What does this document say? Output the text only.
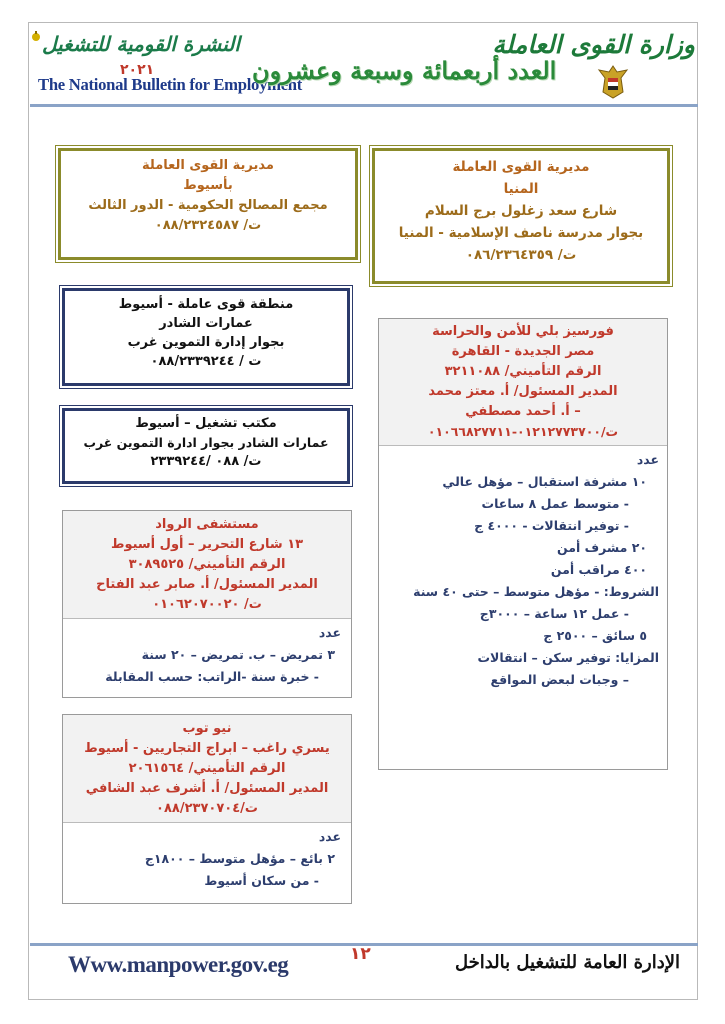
النشرة القومية للتشغيل
٢٠٢١
The National Bulletin for Employment
العدد أربعمائة وسبعة وعشرون
وزارة القوى العاملة
مديرية القوى العاملة
المنيا
شارع سعد زغلول برج السلام
بجوار مدرسة ناصف الإسلامية - المنيا
ت/ ٠٨٦/٢٣٦٤٣٥٩
مديرية القوى العاملة
بأسيوط
مجمع المصالح الحكومية - الدور الثالث
ت/ ٠٨٨/٢٣٢٤٥٨٧
منطقة قوى عاملة - أسيوط
عمارات الشادر
بجوار إدارة التموين غرب
ت / ٠٨٨/٢٣٣٩٢٤٤
مكتب تشغيل – أسيوط
عمارات الشادر بجوار ادارة التموين غرب
ت/ ٠٨٨ /٢٣٣٩٢٤٤
فورسيز بلي للأمن والحراسة
مصر الجديدة - القاهرة
الرقم التأميني/ ٣٢١١٠٨٨
المدير المسئول/ أ. معتز محمد
– أ. أحمد مصطفي
ت/٠١٢١٢٧٧٣٧٠٠-٠١٠٦٦٨٢٧٧١١
عدد
١٠ مشرفة استقبال – مؤهل عالي
- متوسط عمل ٨ ساعات
- توفير انتقالات - ٤٠٠٠ ج
٢٠ مشرف أمن
٤٠٠ مراقب أمن
الشروط: - مؤهل متوسط – حتى ٤٠ سنة
- عمل ١٢ ساعة – ٣٠٠٠ج
٥ سائق – ٢٥٠٠ ج
المزايا: توفير سكن – انتقالات
– وجبات لبعض المواقع
مستشفى الرواد
١٣ شارع التحرير – أول أسيوط
الرقم التأميني/ ٣٠٨٩٥٢٥
المدير المسئول/ أ. صابر عبد الفتاح
ت/ ٠١٠٦٢٠٧٠٠٢٠
عدد
٣ تمريض – ب. تمريض – ٢٠ سنة
- خبرة سنة -الراتب: حسب المقابلة
نيو توب
يسري راغب – ابراج التجاريين - أسيوط
الرقم التأميني/ ٢٠٦١٥٦٤
المدير المسئول/ أ. أشرف عبد الشافي
ت/٠٨٨/٢٣٧٠٧٠٤
عدد
٢ بائع – مؤهل متوسط – ١٨٠٠ج
- من سكان أسيوط
Www.manpower.gov.eg	١٢	الإدارة العامة للتشغيل بالداخل
